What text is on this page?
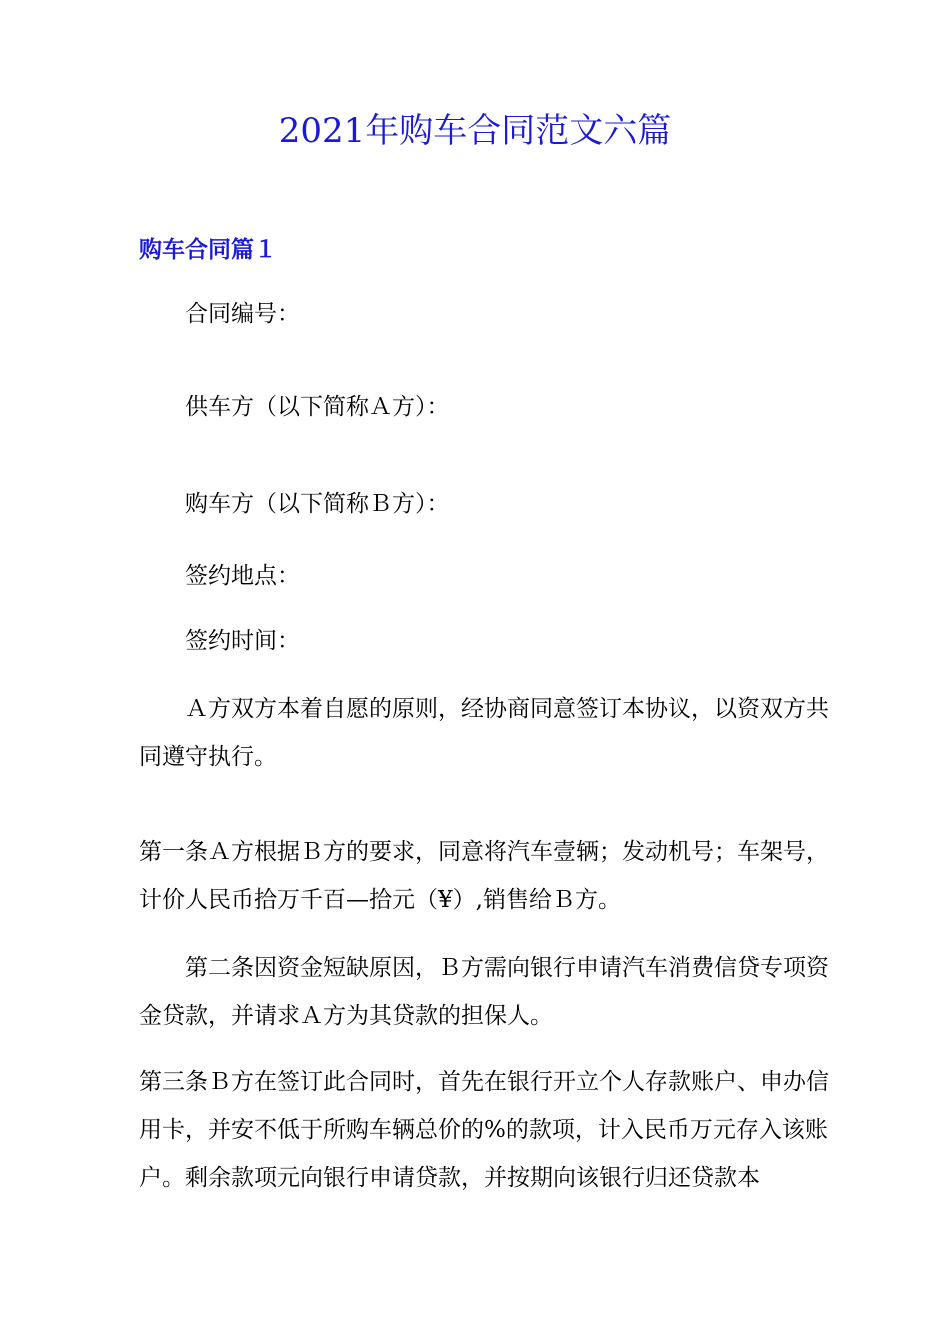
2021年购车合同范文六篇
购车合同篇１

合同编号：

供车方（以下简称Ａ方）：

购车方（以下简称Ｂ方）：

签约地点：

签约时间：

Ａ方双方本着自愿的原则，经协商同意签订本协议，以资双方共同遵守执行。

第一条Ａ方根据Ｂ方的要求，同意将汽车壹辆；发动机号；车架号，计价人民币拾万千百—拾元（¥）,销售给Ｂ方。

第二条因资金短缺原因，Ｂ方需向银行申请汽车消费信贷专项资金贷款，并请求Ａ方为其贷款的担保人。

第三条Ｂ方在签订此合同时，首先在银行开立个人存款账户、申办信用卡，并安不低于所购车辆总价的%的款项，计入民币万元存入该账户。剩余款项元向银行申请贷款，并按期向该银行归还贷款本
